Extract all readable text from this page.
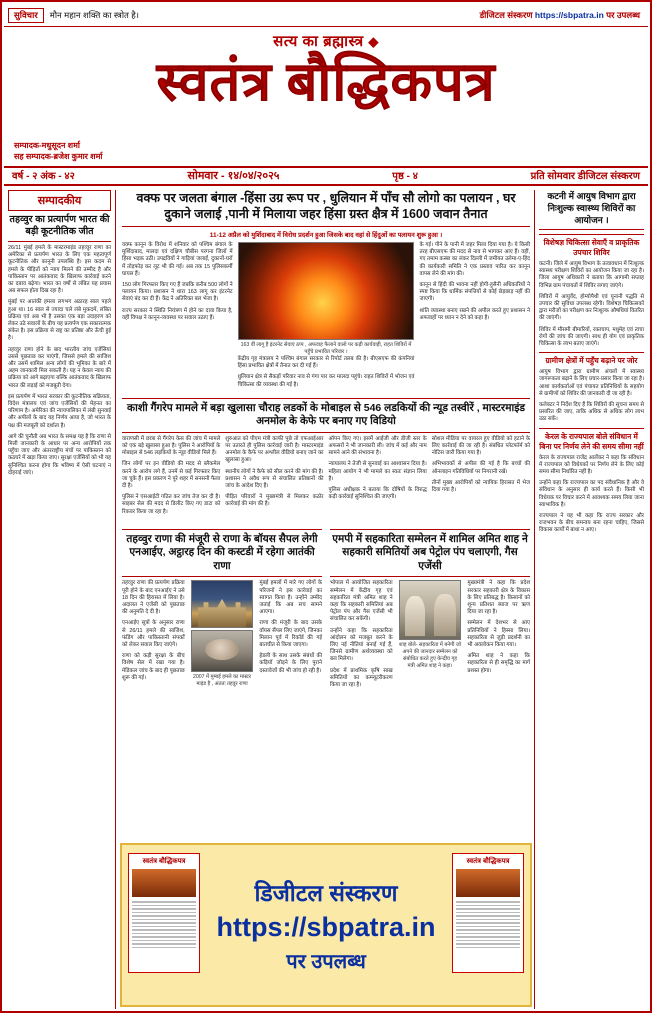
सुविचार	मौन महान शक्ति का स्त्रोत है।	डीजिटल संस्करण https://sbpatra.in पर उपलब्ध
सत्य का ब्रह्मास्त्र ◆
स्वतंत्र बौद्धिकपत्र
सम्पादक-मधुसूदन शर्मा
सह सम्पादक-ब्रजेश कुमार शर्मा
वर्ष - २ अंक - ४२	सोमवार - १४/०४/२०२५	पृष्ठ - ४	प्रति सोमवार डीजिटल संस्करण
सम्पादकीय
तहव्वुर का प्रत्यार्पण भारत की बड़ी कूटनीतिक जीत

26/11 मुंबई हमले के मास्टरमाइंड तहव्वुर राणा का अमेरिका से प्रत्यर्पण भारत के लिए एक महत्वपूर्ण कूटनीतिक और कानूनी उपलब्धि है। इस कदम से हमले के पीड़ितों को न्याय मिलने की उम्मीद है और पाकिस्तान पर आतंकवाद के खिलाफ कार्रवाई करने का दबाव बढ़ेगा। भारत का वर्षों से लंबित यह प्रयास अब सफल होता दिख रहा है।

मुंबई पर आतंकी हमला लगभग अठारह साल पहले हुआ था। 16 साल से ज्यादा चले लंबे मुकदमें, लंबित प्रक्रिया एवं अब भी है उसका एक बड़ा उदाहरण को लेकर उठे सवालों के बीच यह प्रत्यर्पण एक सकारात्मक संकेत है। इस प्रक्रिया से राष्ट्र का प्रतिष्ठा और ऊँची हुई है।

तहव्वुर राणा होने के बाद भारतीय जांच एजेंसियां उससे पूछताछ कर पाएंगी, जिससे हमले की साजिश और उसमें शामिल अन्य लोगों की भूमिका के बारे में अहम जानकारी मिल सकती है। यह न केवल न्याय की प्रक्रिया को आगे बढ़ाएगा बल्कि आतंकवाद के खिलाफ भारत की लड़ाई को मजबूती देगा।

इस प्रत्यर्पण में भारत सरकार की कूटनीतिक सक्रियता, विदेश मंत्रालय एवं जांच एजेंसियों की मेहनत का परिणाम है। अमेरिका की न्यायपालिका में लंबी सुनवाई और अपीलों के बाद यह निर्णय आया है, जो भारत के पक्ष की मजबूती को दर्शाता है।

आगे की चुनौती अब भारत के समक्ष यह है कि राणा से मिली जानकारी के आधार पर अन्य आरोपियों तक पहुँचा जाए और अंतरराष्ट्रीय मंचों पर पाकिस्तान को कठघरे में खड़ा किया जाए। सुरक्षा एजेंसियों को भी यह सुनिश्चित करना होगा कि भविष्य में ऐसी घटनाएं न दोहराई जाएं।

कटनी में आयुष विभाग द्वारा निःशुल्क स्वास्थ्य शिविरों का आयोजन ।
विशेषज्ञ चिकित्सा सेवाएँ व प्राकृतिक उपचार शिविर

कटनी। जिले में आयुष विभाग के तत्वावधान में निःशुल्क स्वास्थ्य परीक्षण शिविरों का आयोजन किया जा रहा है। जिला आयुष अधिकारी ने बताया कि आगामी सप्ताह विभिन्न ग्राम पंचायतों में शिविर लगाए जाएंगे।

शिविरों में आयुर्वेद, होम्योपैथी एवं यूनानी पद्धति से उपचार की सुविधा उपलब्ध रहेगी। विशेषज्ञ चिकित्सकों द्वारा मरीजों का परीक्षण कर निःशुल्क औषधियां वितरित की जाएंगी।

शिविर में मौसमी बीमारियों, रक्तचाप, मधुमेह एवं त्वचा रोगों की जांच की जाएगी। साथ ही योग एवं प्राकृतिक चिकित्सा के लाभ बताए जाएंगे।

ग्रामीण क्षेत्रों में पहुँच बढ़ाने पर जोर

आयुष विभाग द्वारा ग्रामीण अंचलों में स्वास्थ्य जागरूकता बढ़ाने के लिए प्रचार-प्रसार किया जा रहा है। आशा कार्यकर्ताओं एवं पंचायत प्रतिनिधियों के सहयोग से ग्रामीणों को शिविर की जानकारी दी जा रही है।

कलेक्टर ने निर्देश दिए हैं कि शिविरों की सूचना समय से प्रसारित की जाए, ताकि अधिक से अधिक लोग लाभ उठा सकें।

केरल के राज्यपाल बोले संविधान में बिना पर निर्णय लेने की समय सीमा नहीं

केरल के राज्यपाल राजेंद्र आर्लेकर ने कहा कि संविधान में राज्यपाल को विधेयकों पर निर्णय लेने के लिए कोई समय सीमा निर्धारित नहीं है।

उन्होंने कहा कि राज्यपाल का पद संवैधानिक है और वे संविधान के अनुसार ही कार्य करते हैं। किसी भी विधेयक पर विचार करने में आवश्यक समय लिया जाना स्वाभाविक है।

राज्यपाल ने यह भी कहा कि राज्य सरकार और राजभवन के बीच समन्वय बना रहना चाहिए, जिससे विकास कार्यों में बाधा न आए।

वक्फ पर जलता बंगाल -हिंसा उग्र रूप पर , धुलियान में पाँच सौ लोगो का पलायन , घर दुकाने जलाई ,पानी में मिलाया जहर हिंसा ग्रस्त क्षैत्र में 1600 जवान तैनात
11-12 अप्रैल को मुर्शिदाबाद में विरोध प्रदर्शन हुआ जिसके बाद वहां से हिंदुओं का पलायन शुरू हुआ ।

वक्फ कानून के विरोध में शनिवार को पश्चिम बंगाल के मुर्शिदाबाद, मालदा एवं दक्षिण चौबीस परगना जिलों में हिंसा भड़क उठी। उपद्रवियों ने गाड़ियां जलाईं, दुकानों-घरों में तोड़फोड़ कर लूट भी की गई। अब तक 15 पुलिसकर्मी घायल हैं।

150 लोग गिरफ्तार किए गए हैं जबकि करीब 500 लोगों ने पलायन किया। प्रशासन ने धारा 163 लागू कर इंटरनेट सेवाएं बंद कर दी हैं। केंद्र ने अतिरिक्त बल भेजा है।

राज्य सरकार ने स्थिति नियंत्रण में होने का दावा किया है, वहीं विपक्ष ने कानून-व्यवस्था पर सवाल उठाए हैं।

163 वीं लागू है इंटरनेट सेवाएं ठप्प , अफवाह फैलाने वालो पर कड़ी कार्यवाही, राहत शिविरों में पहुँचे प्रभावित परिवार ।

केंद्रीय गृह मंत्रालय ने पश्चिम बंगाल सरकार से रिपोर्ट तलब की है। बीएसएफ की कंपनियां हिंसा प्रभावित क्षेत्रों में तैनात कर दी गई हैं।

धुलियान क्षेत्र से सैकड़ों परिवार नाव से गंगा पार कर मालदा पहुंचे। राहत शिविरों में भोजन एवं चिकित्सा की व्यवस्था की गई है।

के गई। पीने के पानी में जहर मिला दिया गया है। ये किसी तरह बीएसएफ की मदद से नाव से भागकर आए हैं। वहीं, गए तमाम कस्बा का लंकर दिल्ली में जमीयत उलेमा-ए-हिंद की कार्यकारी समिति ने एक प्रस्ताव पारित कर कानून वापस लेने की मांग की।

कानून से हिंदी की भावना नहीं होगी-हुसैनी अधिकारियों ने स्पष्ट किया कि धार्मिक संपत्तियों से कोई छेड़छाड़ नहीं की जाएगी।

शांति व्यवस्था बनाए रखने की अपील करते हुए प्रशासन ने अफवाहों पर ध्यान न देने को कहा है।

काशी गैंगरेप मामले में बड़ा खुलासा चौराह लडकों के मोबाइल से 546 लडकियों की न्यूड तस्वीरें , मास्टरमाइंड अनमोल के केफे पर बनाए गए विडियो

वाराणसी में छात्रा से गैंगरेप केस की जांच में मामले को एक बड़े खुलासा हुआ है। पुलिस ने आरोपियों के मोबाइल से 546 लड़कियों के न्यूड वीडियो मिले हैं।

जिन लोगों पर इन वीडियो की मदद से ब्लैकमेल करने के आरोप लगे हैं, उनमें से कई गिरफ्तार किए जा चुके हैं। इस प्रकरण ने पूरे शहर में सनसनी फैला दी है।

पुलिस ने एसआईटी गठित कर जांच तेज कर दी है। साइबर सेल की मदद से डिलीट किए गए डाटा को रिकवर किया जा रहा है।

शुरुआत को पीएम मंत्री काफी पूछे तो एफआईआर पर उतारते ही पुलिस कार्रवाई जारी है। मास्टरमाइंड अनमोल के कैफे पर अश्लील वीडियो बनाए जाने का खुलासा हुआ।

स्थानीय लोगों ने कैफे को सील करने की मांग की है। प्रशासन ने अवैध रूप से संचालित प्रतिष्ठानों की जांच के आदेश दिए हैं।

पीड़ित परिवारों ने मुख्यमंत्री से मिलकर कठोर कार्रवाई की मांग की है।

ऑपन किए गए। इसमें आईजी और डीजी स्तर के अफसरों ने भी जानकारी ली। जांच में कई और नाम सामने आने की संभावना है।

न्यायालय ने तेजी से सुनवाई का आश्वासन दिया है। महिला आयोग ने भी मामले का स्वतः संज्ञान लिया है।

पुलिस अधीक्षक ने बताया कि दोषियों के विरुद्ध कड़ी कार्रवाई सुनिश्चित की जाएगी।

सोशल मीडिया पर वायरल हुए वीडियो को हटाने के लिए कार्रवाई की जा रही है। संबंधित प्लेटफॉर्म को नोटिस जारी किया गया है।

अभिभावकों से अपील की गई है कि बच्चों की ऑनलाइन गतिविधियों पर निगरानी रखें।

तीनों मुख्य आरोपियों को न्यायिक हिरासत में भेज दिया गया है।

तहव्वुर राणा की मंजूरी से राणा के बॉयस सैपल लेगी एनआईए, अट्ठारह दिन की कस्टडी में रहेगा आतंकी राणा

तहव्वुर राणा की प्रत्यर्पण प्रक्रिया पूरी होने के बाद एनआईए ने उसे 18 दिन की हिरासत में लिया है। अदालत ने एजेंसी को पूछताछ की अनुमति दे दी है।

एनआईए सूत्रों के अनुसार राणा से 26/11 हमले की साजिश, फंडिंग और पाकिस्तानी संपर्कों को लेकर सवाल किए जाएंगे।

राणा को कड़ी सुरक्षा के बीच विशेष सेल में रखा गया है। मेडिकल जांच के बाद ही पूछताछ शुरू की गई।	2007 में मुम्बई हमले का मास्टर माइंड है , अंततः तहवुर राणा

मुंबई हमलों में मारे गए लोगों के परिजनों ने इस कार्रवाई का स्वागत किया है। उन्होंने उम्मीद जताई कि अब सच सामने आएगा।

राणा की मंजूरी के बाद उसके वॉयस सैंपल लिए जाएंगे, जिनका मिलान पूर्व में रिकॉर्ड की गई बातचीत से किया जाएगा।

हेडली के साथ उसके संबंधों की कड़ियाँ जोड़ने के लिए पुराने दस्तावेजों की भी जांच हो रही है।

एमपी में सहकारिता सम्मेलन में शामिल अमित शाह ने सहकारी समितियों अब पेट्रोल पंप चलाएगी, गैस एजेंसी

भोपाल में आयोजित सहकारिता सम्मेलन में केंद्रीय गृह एवं सहकारिता मंत्री अमित शाह ने कहा कि सहकारी समितियां अब पेट्रोल पंप और गैस एजेंसी भी संचालित कर सकेंगी।

उन्होंने कहा कि सहकारिता आंदोलन को मजबूत करने के लिए नई नीतियां बनाई गई हैं, जिनसे ग्रामीण अर्थव्यवस्था को बल मिलेगा।

प्रदेश में प्राथमिक कृषि साख समितियों का कम्प्यूटरीकरण किया जा रहा है।

शाह बोले- सहकारिता में बनेगी जो अपने की जानदार सम्मेलन को संबोधित करते हुए केन्द्रीय गृह मंत्री अमित शाह ने कहा।

मुख्यमंत्री ने कहा कि प्रदेश सरकार सहकारी क्षेत्र के विकास के लिए प्रतिबद्ध है। किसानों को शून्य प्रतिशत ब्याज पर ऋण दिया जा रहा है।

सम्मेलन में देशभर से आए प्रतिनिधियों ने हिस्सा लिया। सहकारिता से जुड़ी प्रदर्शनी का भी अवलोकन किया गया।

अमित शाह ने कहा कि सहकारिता से ही समृद्धि का मार्ग प्रशस्त होगा।

स्वतंत्र बौद्धिकपत्र
डिजीटल संस्करण
https://sbpatra.in
पर उपलब्ध
स्वतंत्र बौद्धिकपत्र
